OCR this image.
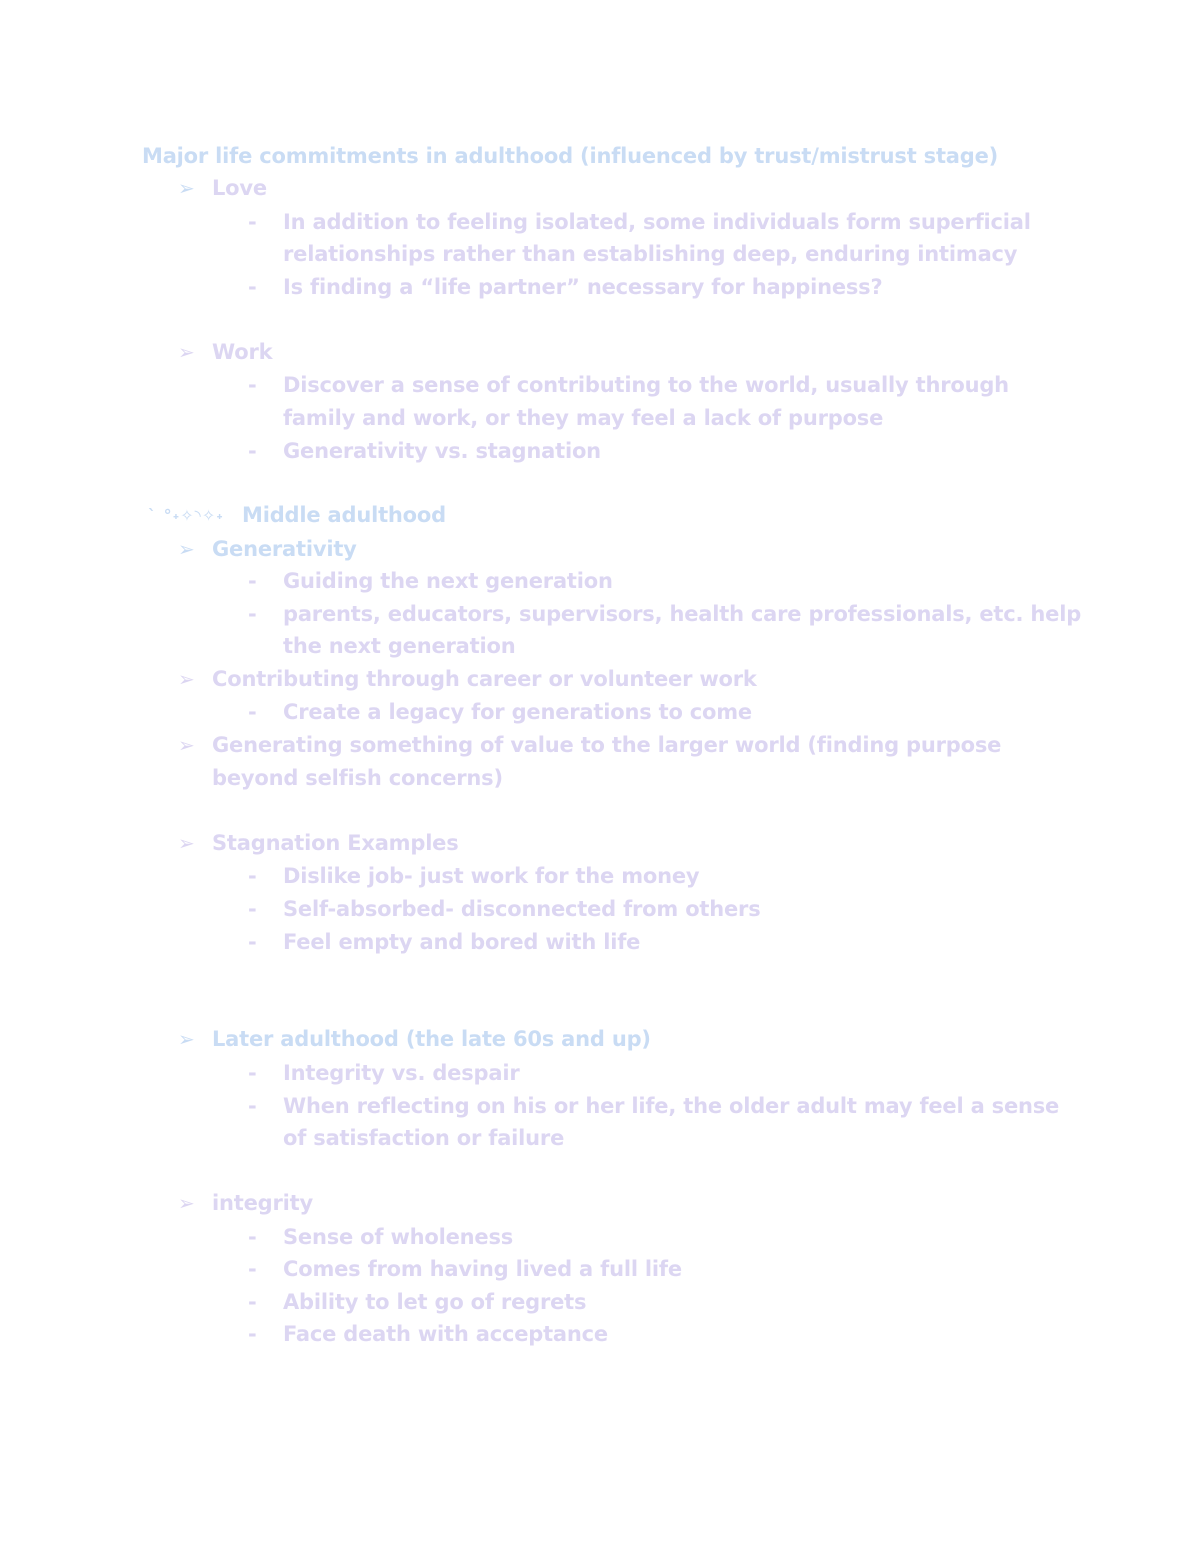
Major life commitments in adulthood (influenced by trust/mistrust stage)
➢ Love
- In addition to feeling isolated, some individuals form superficial
relationships rather than establishing deep, enduring intimacy
- Is finding a “life partner” necessary for happiness?
➢ Work
- Discover a sense of contributing to the world, usually through
family and work, or they may feel a lack of purpose
- Generativity vs. stagnation
` °˖✧◝✧˖ Middle adulthood
➢ Generativity
- Guiding the next generation
- parents, educators, supervisors, health care professionals, etc. help
the next generation
➢ Contributing through career or volunteer work
- Create a legacy for generations to come
➢ Generating something of value to the larger world (finding purpose
beyond selfish concerns)
➢ Stagnation Examples
- Dislike job- just work for the money
- Self-absorbed- disconnected from others
- Feel empty and bored with life
➢ Later adulthood (the late 60s and up)
- Integrity vs. despair
- When reflecting on his or her life, the older adult may feel a sense
of satisfaction or failure
➢ integrity
- Sense of wholeness
- Comes from having lived a full life
- Ability to let go of regrets
- Face death with acceptance
